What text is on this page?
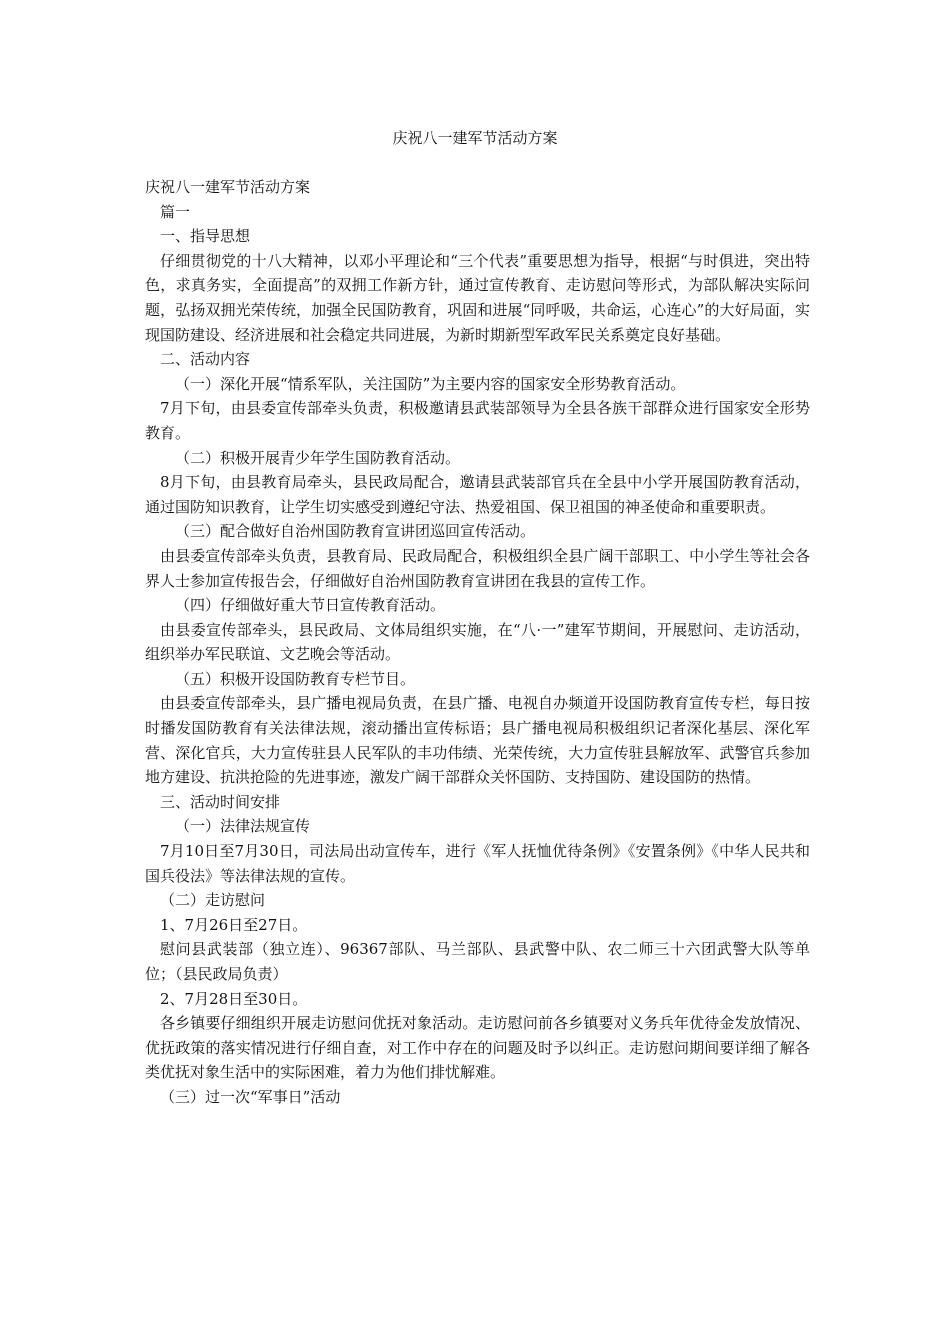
庆祝八一建军节活动方案

庆祝八一建军节活动方案

篇一

一、指导思想

仔细贯彻党的十八大精神，以邓小平理论和“三个代表”重要思想为指导，根据“与时俱进，突出特色，求真务实，全面提高”的双拥工作新方针，通过宣传教育、走访慰问等形式，为部队解决实际问题，弘扬双拥光荣传统，加强全民国防教育，巩固和进展“同呼吸，共命运，心连心”的大好局面，实现国防建设、经济进展和社会稳定共同进展，为新时期新型军政军民关系奠定良好基础。

二、活动内容

（一）深化开展“情系军队，关注国防”为主要内容的国家安全形势教育活动。

7月下旬，由县委宣传部牵头负责，积极邀请县武装部领导为全县各族干部群众进行国家安全形势教育。

（二）积极开展青少年学生国防教育活动。

8月下旬，由县教育局牵头，县民政局配合，邀请县武装部官兵在全县中小学开展国防教育活动，通过国防知识教育，让学生切实感受到遵纪守法、热爱祖国、保卫祖国的神圣使命和重要职责。

（三）配合做好自治州国防教育宣讲团巡回宣传活动。

由县委宣传部牵头负责，县教育局、民政局配合，积极组织全县广阔干部职工、中小学生等社会各界人士参加宣传报告会，仔细做好自治州国防教育宣讲团在我县的宣传工作。

（四）仔细做好重大节日宣传教育活动。

由县委宣传部牵头，县民政局、文体局组织实施，在“八·一”建军节期间，开展慰问、走访活动，组织举办军民联谊、文艺晚会等活动。

（五）积极开设国防教育专栏节目。

由县委宣传部牵头，县广播电视局负责，在县广播、电视自办频道开设国防教育宣传专栏，每日按时播发国防教育有关法律法规，滚动播出宣传标语；县广播电视局积极组织记者深化基层、深化军营、深化官兵，大力宣传驻县人民军队的丰功伟绩、光荣传统，大力宣传驻县解放军、武警官兵参加地方建设、抗洪抢险的先进事迹，激发广阔干部群众关怀国防、支持国防、建设国防的热情。

三、活动时间安排

（一）法律法规宣传

7月10日至7月30日，司法局出动宣传车，进行《军人抚恤优待条例》《安置条例》《中华人民共和国兵役法》等法律法规的宣传。

（二）走访慰问

1、7月26日至27日。

慰问县武装部（独立连）、96367部队、马兰部队、县武警中队、农二师三十六团武警大队等单位；（县民政局负责）

2、7月28日至30日。

各乡镇要仔细组织开展走访慰问优抚对象活动。走访慰问前各乡镇要对义务兵年优待金发放情况、优抚政策的落实情况进行仔细自查，对工作中存在的问题及时予以纠正。走访慰问期间要详细了解各类优抚对象生活中的实际困难，着力为他们排忧解难。

（三）过一次“军事日”活动
